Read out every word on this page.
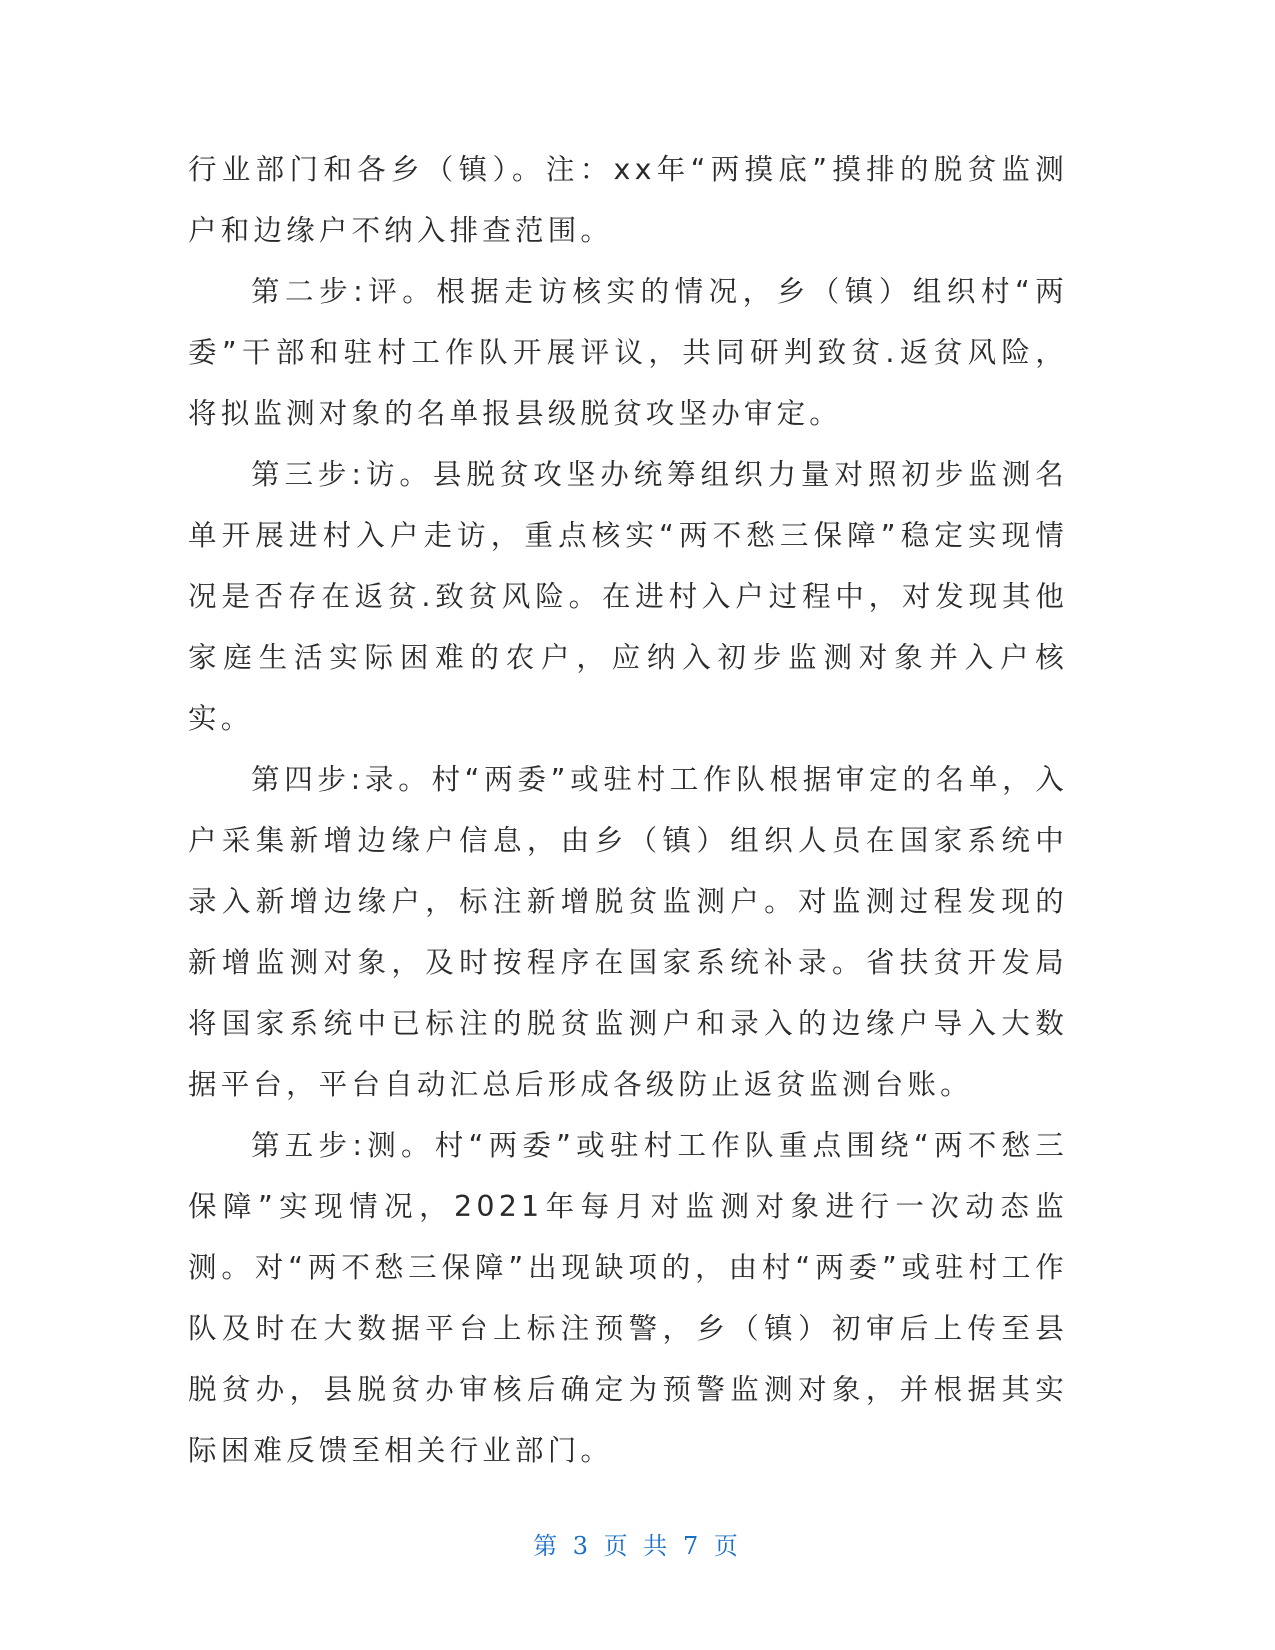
行业部门和各乡（镇）。注：xx年“两摸底”摸排的脱贫监测户和边缘户不纳入排查范围。

第二步:评。根据走访核实的情况，乡（镇）组织村“两委”干部和驻村工作队开展评议，共同研判致贫.返贫风险，将拟监测对象的名单报县级脱贫攻坚办审定。

第三步:访。县脱贫攻坚办统筹组织力量对照初步监测名单开展进村入户走访，重点核实“两不愁三保障”稳定实现情况是否存在返贫.致贫风险。在进村入户过程中，对发现其他家庭生活实际困难的农户，应纳入初步监测对象并入户核实。

第四步:录。村“两委”或驻村工作队根据审定的名单，入户采集新增边缘户信息，由乡（镇）组织人员在国家系统中录入新增边缘户，标注新增脱贫监测户。对监测过程发现的新增监测对象，及时按程序在国家系统补录。省扶贫开发局将国家系统中已标注的脱贫监测户和录入的边缘户导入大数据平台，平台自动汇总后形成各级防止返贫监测台账。

第五步:测。村“两委”或驻村工作队重点围绕“两不愁三保障”实现情况，2021年每月对监测对象进行一次动态监测。对“两不愁三保障”出现缺项的，由村“两委”或驻村工作队及时在大数据平台上标注预警，乡（镇）初审后上传至县脱贫办，县脱贫办审核后确定为预警监测对象，并根据其实际困难反馈至相关行业部门。

第 3 页 共 7 页
